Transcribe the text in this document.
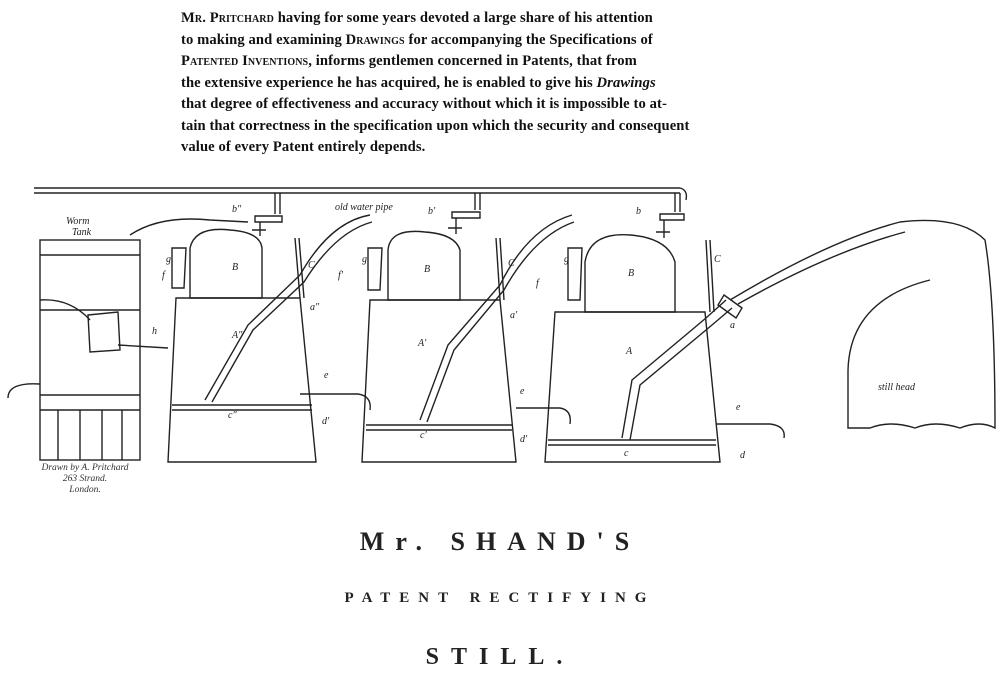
Mr. Pritchard having for some years devoted a large share of his attention
to making and examining Drawings for accompanying the Specifications of
Patented Inventions, informs gentlemen concerned in Patents, that from
the extensive experience he has acquired, he is enabled to give his Drawings
that degree of effectiveness and accuracy without which it is impossible to at-
tain that correctness in the specification upon which the security and consequent
value of every Patent entirely depends.
Worm
Tank
old water pipe
still head
b"	b'	b
B	B	B
C	C	C
A"
A'
A
g	g	g
f	f'
f
a"
a'
a
c"
c'
c
d'
d'
d
e
e
e
h
Drawn by A. Pritchard
263 Strand.
London.
Mr. SHAND'S
PATENT RECTIFYING
STILL.
